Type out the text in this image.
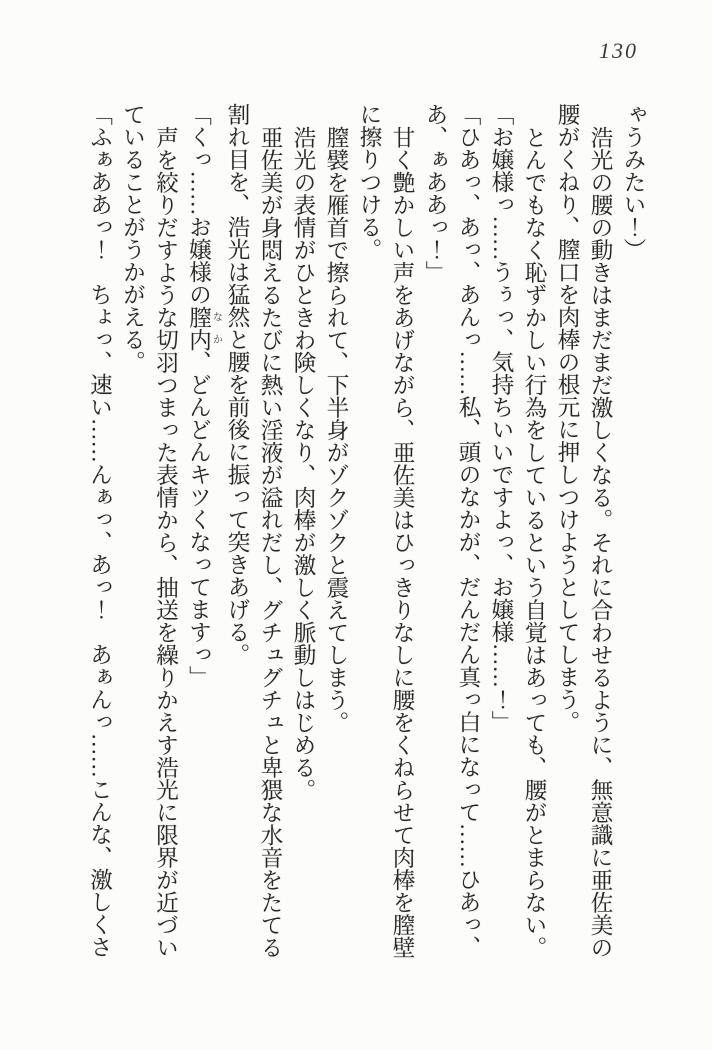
130

ゃうみたい！）

浩光の腰の動きはまだまだ激しくなる。それに合わせるように、無意識に亜佐美の腰がくねり、膣口を肉棒の根元に押しつけようとしてしまう。

とんでもなく恥ずかしい行為をしているという自覚はあっても、腰がとまらない。

「お嬢様っ……うぅっ、気持ちいいですよっ、お嬢様……！」

「ひあっ、あっ、あんっ……私、頭のなかが、だんだん真っ白になって……ひあっ、あ、ぁああっ！」

甘く艶かしい声をあげながら、亜佐美はひっきりなしに腰をくねらせて肉棒を膣壁に擦りつける。

膣襞を雁首で擦られて、下半身がゾクゾクと震えてしまう。

浩光の表情がひときわ険しくなり、肉棒が激しく脈動しはじめる。

亜佐美が身悶えるたびに熱い淫液が溢れだし、グチュグチュと卑猥な水音をたてる割れ目を、浩光は猛然と腰を前後に振って突きあげる。

「くっ……お嬢様の膣内 なか、どんどんキツくなってますっ」

声を絞りだすような切羽つまった表情から、抽送を繰りかえす浩光に限界が近づいていることがうかがえる。

「ふぁああっ！　ちょっ、速い……んぁっ、あっ！　あぁんっ……こんな、激しくさ
